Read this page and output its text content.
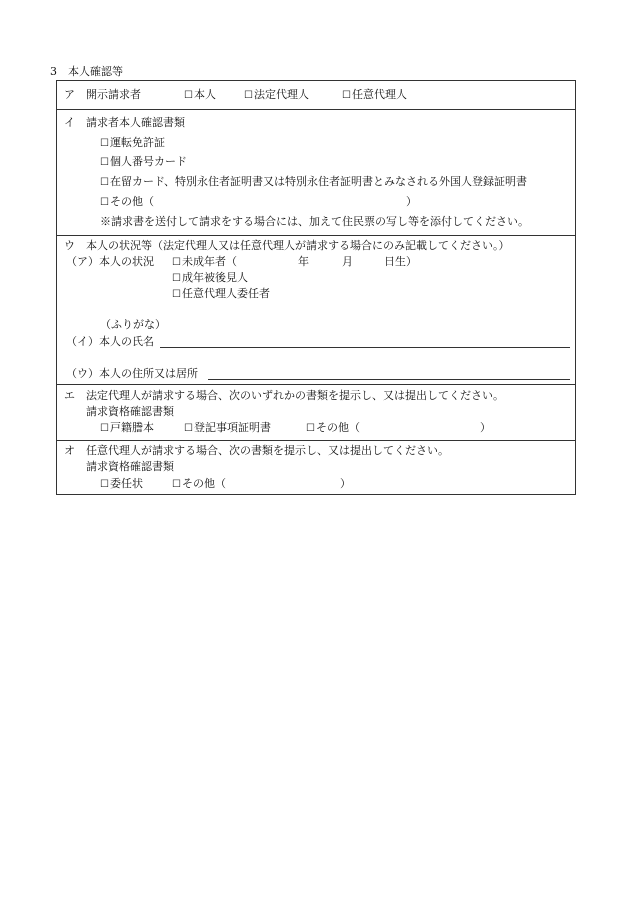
3　本人確認等
ア　開示請求者	☐本人	☐法定代理人	☐任意代理人
イ　請求者本人確認書類
☐運転免許証
☐個人番号カード
☐在留カード、特別永住者証明書又は特別永住者証明書とみなされる外国人登録証明書
☐その他（	）
※請求書を送付して請求をする場合には、加えて住民票の写し等を添付してください。
ウ　本人の状況等（法定代理人又は任意代理人が請求する場合にのみ記載してください。）
（ア）本人の状況 ☐未成年者（	年	月	日生）
☐成年被後見人
☐任意代理人委任者
（ふりがな）
（イ）本人の氏名
（ウ）本人の住所又は居所
エ　法定代理人が請求する場合、次のいずれかの書類を提示し、又は提出してください。
請求資格確認書類
☐戸籍謄本	☐登記事項証明書	☐その他（	）
オ　任意代理人が請求する場合、次の書類を提示し、又は提出してください。
請求資格確認書類
☐委任状	☐その他（	）
